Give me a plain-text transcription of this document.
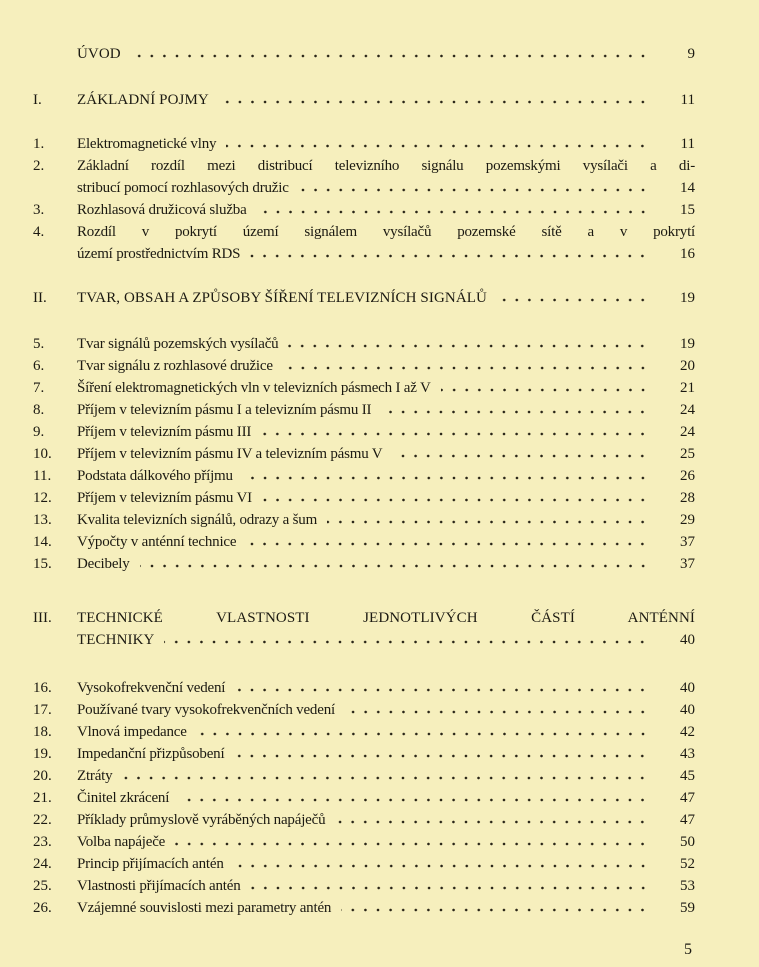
ÚVOD	9
I. ZÁKLADNÍ POJMY	11
1. Elektromagnetické vlny	11
2. Základní rozdíl mezi distribucí televizního signálu pozemskými vysílači a di-
stribucí pomocí rozhlasových družic	14
3. Rozhlasová družicová služba	15
4. Rozdíl v pokrytí území signálem vysílačů pozemské sítě a v pokrytí
území prostřednictvím RDS	16
II. TVAR, OBSAH A ZPŮSOBY ŠÍŘENÍ TELEVIZNÍCH SIGNÁLŮ	19
5. Tvar signálů pozemských vysílačů	19
6. Tvar signálu z rozhlasové družice	20
7. Šíření elektromagnetických vln v televizních pásmech I až V	21
8. Příjem v televizním pásmu I a televizním pásmu II	24
9. Příjem v televizním pásmu III	24
10. Příjem v televizním pásmu IV a televizním pásmu V	25
11. Podstata dálkového příjmu	26
12. Příjem v televizním pásmu VI	28
13. Kvalita televizních signálů, odrazy a šum	29
14. Výpočty v anténní technice	37
15. Decibely	37
III. TECHNICKÉ VLASTNOSTI JEDNOTLIVÝCH ČÁSTÍ ANTÉNNÍ
TECHNIKY	40
16. Vysokofrekvenční vedení	40
17. Používané tvary vysokofrekvenčních vedení	40
18. Vlnová impedance	42
19. Impedanční přizpůsobení	43
20. Ztráty	45
21. Činitel zkrácení	47
22. Příklady průmyslově vyráběných napáječů	47
23. Volba napáječe	50
24. Princip přijímacích antén	52
25. Vlastnosti přijímacích antén	53
26. Vzájemné souvislosti mezi parametry antén	59
5
